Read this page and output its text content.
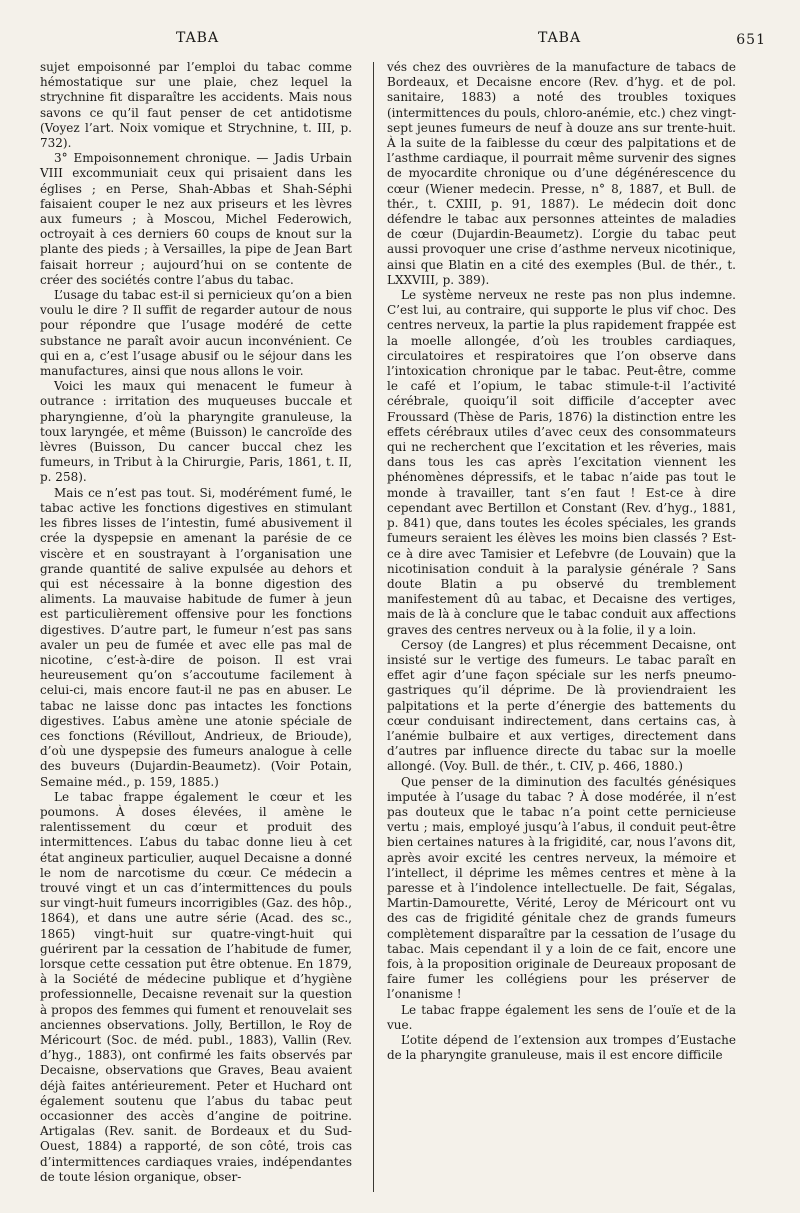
TABA	TABA	651

sujet empoisonné par l’emploi du tabac comme hémostatique sur une plaie, chez lequel la strychnine fit disparaître les accidents. Mais nous savons ce qu’il faut penser de cet antidotisme (Voyez l’art. Noix vomique et Strychnine, t. III, p. 732).

3° Empoisonnement chronique. — Jadis Urbain VIII excommuniait ceux qui prisaient dans les églises ; en Perse, Shah-Abbas et Shah-Séphi faisaient couper le nez aux priseurs et les lèvres aux fumeurs ; à Moscou, Michel Federowich, octroyait à ces derniers 60 coups de knout sur la plante des pieds ; à Versailles, la pipe de Jean Bart faisait horreur ; aujourd’hui on se contente de créer des sociétés contre l’abus du tabac.

L’usage du tabac est-il si pernicieux qu’on a bien voulu le dire ? Il suffit de regarder autour de nous pour répondre que l’usage modéré de cette substance ne paraît avoir aucun inconvénient. Ce qui en a, c’est l’usage abusif ou le séjour dans les manufactures, ainsi que nous allons le voir.

Voici les maux qui menacent le fumeur à outrance : irritation des muqueuses buccale et pharyngienne, d’où la pharyngite granuleuse, la toux laryngée, et même (Buisson) le cancroïde des lèvres (Buisson, Du cancer buccal chez les fumeurs, in Tribut à la Chirurgie, Paris, 1861, t. II, p. 258).

Mais ce n’est pas tout. Si, modérément fumé, le tabac active les fonctions digestives en stimulant les fibres lisses de l’intestin, fumé abusivement il crée la dyspepsie en amenant la parésie de ce viscère et en soustrayant à l’organisation une grande quantité de salive expulsée au dehors et qui est nécessaire à la bonne digestion des aliments. La mauvaise habitude de fumer à jeun est particulièrement offensive pour les fonctions digestives. D’autre part, le fumeur n’est pas sans avaler un peu de fumée et avec elle pas mal de nicotine, c’est-à-dire de poison. Il est vrai heureusement qu’on s’accoutume facilement à celui-ci, mais encore faut-il ne pas en abuser. Le tabac ne laisse donc pas intactes les fonctions digestives. L’abus amène une atonie spéciale de ces fonctions (Révillout, Andrieux, de Brioude), d’où une dyspepsie des fumeurs analogue à celle des buveurs (Dujardin-Beaumetz). (Voir Potain, Semaine méd., p. 159, 1885.)

Le tabac frappe également le cœur et les poumons. À doses élevées, il amène le ralentissement du cœur et produit des intermittences. L’abus du tabac donne lieu à cet état angineux particulier, auquel Decaisne a donné le nom de narcotisme du cœur. Ce médecin a trouvé vingt et un cas d’intermittences du pouls sur vingt-huit fumeurs incorrigibles (Gaz. des hôp., 1864), et dans une autre série (Acad. des sc., 1865) vingt-huit sur quatre-vingt-huit qui guérirent par la cessation de l’habitude de fumer, lorsque cette cessation put être obtenue. En 1879, à la Société de médecine publique et d’hygiène professionnelle, Decaisne revenait sur la question à propos des femmes qui fument et renouvelait ses anciennes observations. Jolly, Bertillon, le Roy de Méricourt (Soc. de méd. publ., 1883), Vallin (Rev. d’hyg., 1883), ont confirmé les faits observés par Decaisne, observations que Graves, Beau avaient déjà faites antérieurement. Peter et Huchard ont également soutenu que l’abus du tabac peut occasionner des accès d’angine de poitrine. Artigalas (Rev. sanit. de Bordeaux et du Sud-Ouest, 1884) a rapporté, de son côté, trois cas d’intermittences cardiaques vraies, indépendantes de toute lésion organique, obser-

vés chez des ouvrières de la manufacture de tabacs de Bordeaux, et Decaisne encore (Rev. d’hyg. et de pol. sanitaire, 1883) a noté des troubles toxiques (intermittences du pouls, chloro-anémie, etc.) chez vingt-sept jeunes fumeurs de neuf à douze ans sur trente-huit. À la suite de la faiblesse du cœur des palpitations et de l’asthme cardiaque, il pourrait même survenir des signes de myocardite chronique ou d’une dégénérescence du cœur (Wiener medecin. Presse, n° 8, 1887, et Bull. de thér., t. CXIII, p. 91, 1887). Le médecin doit donc défendre le tabac aux personnes atteintes de maladies de cœur (Dujardin-Beaumetz). L’orgie du tabac peut aussi provoquer une crise d’asthme nerveux nicotinique, ainsi que Blatin en a cité des exemples (Bul. de thér., t. LXXVIII, p. 389).

Le système nerveux ne reste pas non plus indemne. C’est lui, au contraire, qui supporte le plus vif choc. Des centres nerveux, la partie la plus rapidement frappée est la moelle allongée, d’où les troubles cardiaques, circulatoires et respiratoires que l’on observe dans l’intoxication chronique par le tabac. Peut-être, comme le café et l’opium, le tabac stimule-t-il l’activité cérébrale, quoiqu’il soit difficile d’accepter avec Froussard (Thèse de Paris, 1876) la distinction entre les effets cérébraux utiles d’avec ceux des consommateurs qui ne recherchent que l’excitation et les rêveries, mais dans tous les cas après l’excitation viennent les phénomènes dépressifs, et le tabac n’aide pas tout le monde à travailler, tant s’en faut ! Est-ce à dire cependant avec Bertillon et Constant (Rev. d’hyg., 1881, p. 841) que, dans toutes les écoles spéciales, les grands fumeurs seraient les élèves les moins bien classés ? Est-ce à dire avec Tamisier et Lefebvre (de Louvain) que la nicotinisation conduit à la paralysie générale ? Sans doute Blatin a pu observé du tremblement manifestement dû au tabac, et Decaisne des vertiges, mais de là à conclure que le tabac conduit aux affections graves des centres nerveux ou à la folie, il y a loin.

Cersoy (de Langres) et plus récemment Decaisne, ont insisté sur le vertige des fumeurs. Le tabac paraît en effet agir d’une façon spéciale sur les nerfs pneumo-gastriques qu’il déprime. De là proviendraient les palpitations et la perte d’énergie des battements du cœur conduisant indirectement, dans certains cas, à l’anémie bulbaire et aux vertiges, directement dans d’autres par influence directe du tabac sur la moelle allongé. (Voy. Bull. de thér., t. CIV, p. 466, 1880.)

Que penser de la diminution des facultés génésiques imputée à l’usage du tabac ? À dose modérée, il n’est pas douteux que le tabac n’a point cette pernicieuse vertu ; mais, employé jusqu’à l’abus, il conduit peut-être bien certaines natures à la frigidité, car, nous l’avons dit, après avoir excité les centres nerveux, la mémoire et l’intellect, il déprime les mêmes centres et mène à la paresse et à l’indolence intellectuelle. De fait, Ségalas, Martin-Damourette, Vérité, Leroy de Méricourt ont vu des cas de frigidité génitale chez de grands fumeurs complètement disparaître par la cessation de l’usage du tabac. Mais cependant il y a loin de ce fait, encore une fois, à la proposition originale de Deureaux proposant de faire fumer les collégiens pour les préserver de l’onanisme !

Le tabac frappe également les sens de l’ouïe et de la vue.

L’otite dépend de l’extension aux trompes d’Eustache de la pharyngite granuleuse, mais il est encore difficile
